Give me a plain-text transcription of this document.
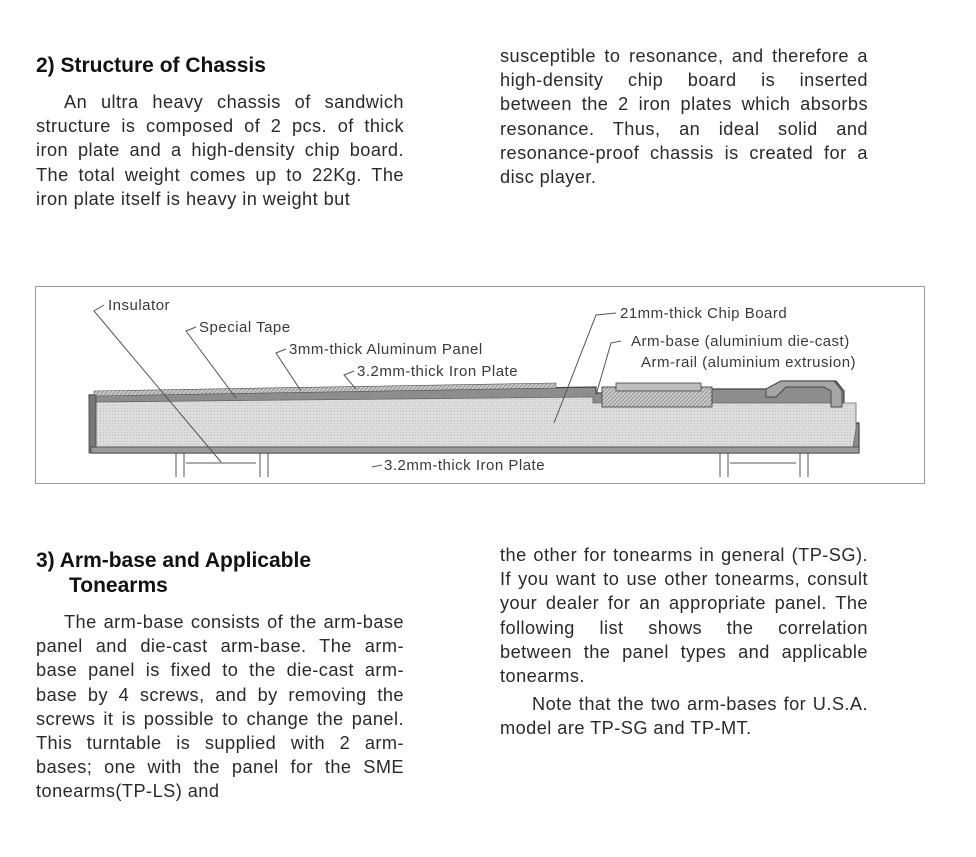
2) Structure of Chassis

An ultra heavy chassis of sandwich structure is composed of 2 pcs. of thick iron plate and a high-density chip board. The total weight comes up to 22Kg. The iron plate itself is heavy in weight but

susceptible to resonance, and therefore a high-density chip board is inserted between the 2 iron plates which absorbs resonance. Thus, an ideal solid and resonance-proof chassis is created for a disc player.

Insulator
Special Tape
3mm-thick Aluminum Panel
3.2mm-thick Iron Plate
21mm-thick Chip Board
Arm-base (aluminium die-cast)
Arm-rail (aluminium extrusion)
3.2mm-thick Iron Plate
3) Arm-base and Applicable
Tonearms

The arm-base consists of the arm-base panel and die-cast arm-base. The arm-base panel is fixed to the die-cast arm-base by 4 screws, and by removing the screws it is possible to change the panel. This turntable is supplied with 2 arm-bases; one with the panel for the SME tonearms(TP-LS) and

the other for tonearms in general (TP-SG). If you want to use other tonearms, consult your dealer for an appropriate panel. The following list shows the correlation between the panel types and applicable tonearms.

Note that the two arm-bases for U.S.A. model are TP-SG and TP-MT.
